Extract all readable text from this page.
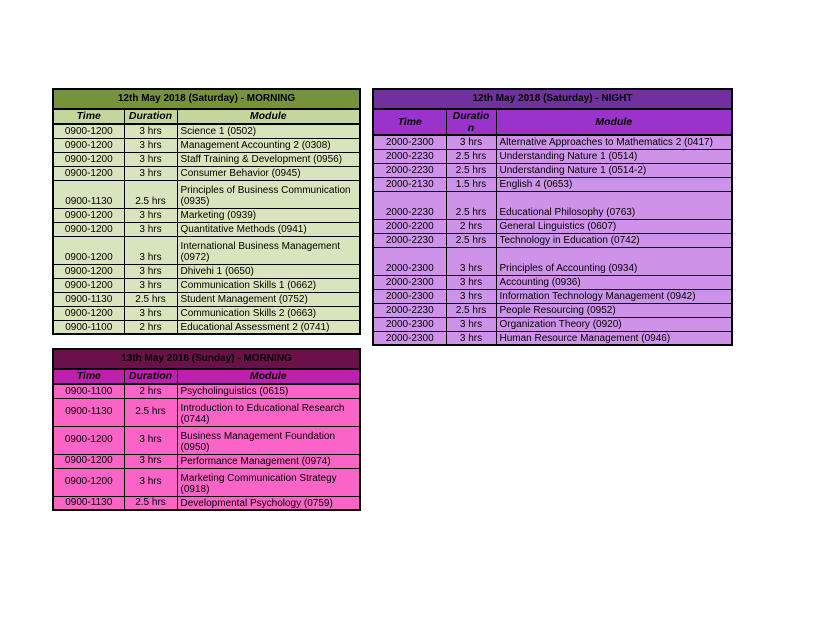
12th May 2018 (Saturday) - MORNING		
Time	Duration	Module
0900-1200	3 hrs	Science 1 (0502)
0900-1200	3 hrs	Management Accounting 2 (0308)
0900-1200	3 hrs	Staff Training & Development (0956)
0900-1200	3 hrs	Consumer Behavior (0945)
0900-1130	2.5 hrs	Principles of Business Communication (0935)
0900-1200	3 hrs	Marketing (0939)
0900-1200	3 hrs	Quantitative Methods (0941)
0900-1200	3 hrs	International Business Management (0972)
0900-1200	3 hrs	Dhivehi 1 (0650)
0900-1200	3 hrs	Communication Skills 1 (0662)
0900-1130	2.5 hrs	Student Management (0752)
0900-1200	3 hrs	Communication Skills 2 (0663)
0900-1100	2 hrs	Educational Assessment 2 (0741)
12th May 2018 (Saturday) - NIGHT		
Time	Duration	Module
2000-2300	3 hrs	Alternative Approaches to Mathematics 2 (0417)
2000-2230	2.5 hrs	Understanding Nature 1 (0514)
2000-2230	2.5 hrs	Understanding Nature 1 (0514-2)
2000-2130	1.5 hrs	English 4 (0653)
2000-2230	2.5 hrs	Educational Philosophy (0763)
2000-2200	2 hrs	General Linguistics (0607)
2000-2230	2.5 hrs	Technology in Education (0742)
2000-2300	3 hrs	Principles of Accounting (0934)
2000-2300	3 hrs	Accounting (0936)
2000-2300	3 hrs	Information Technology Management (0942)
2000-2230	2.5 hrs	People Resourcing (0952)
2000-2300	3 hrs	Organization Theory (0920)
2000-2300	3 hrs	Human Resource Management (0946)
13th May 2018 (Sunday) - MORNING		
Time	Duration	Module
0900-1100	2 hrs	Psycholinguistics (0615)
0900-1130	2.5 hrs	Introduction to Educational Research (0744)
0900-1200	3 hrs	Business Management Foundation (0950)
0900-1200	3 hrs	Performance Management (0974)
0900-1200	3 hrs	Marketing Communication Strategy (0918)
0900-1130	2.5 hrs	Developmental Psychology (0759)
